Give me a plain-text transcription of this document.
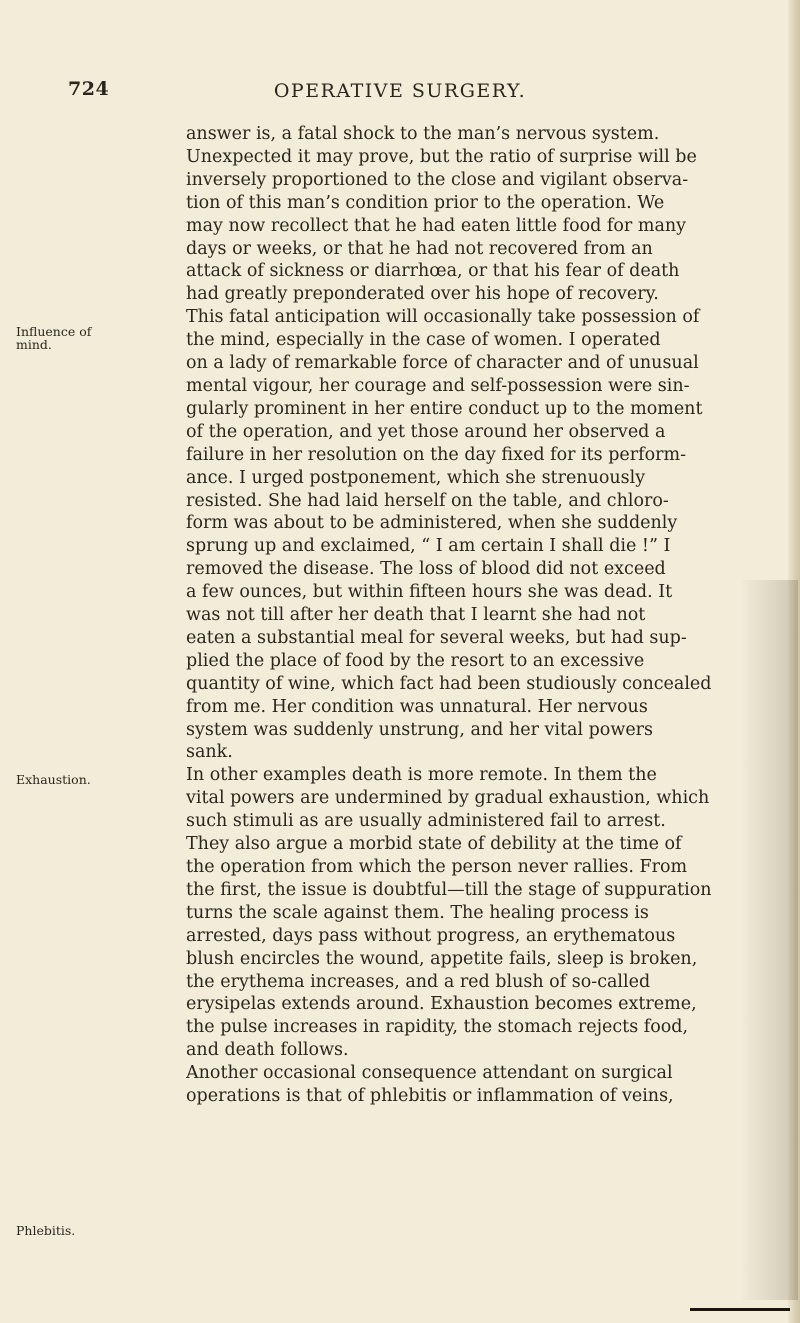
724	OPERATIVE SURGERY.
Influence of
mind.
Exhaustion.
Phlebitis.
answer is, a fatal shock to the man’s nervous system.
Unexpected it may prove, but the ratio of surprise will be
inversely proportioned to the close and vigilant observa-
tion of this man’s condition prior to the operation. We
may now recollect that he had eaten little food for many
days or weeks, or that he had not recovered from an
attack of sickness or diarrhœa, or that his fear of death
had greatly preponderated over his hope of recovery.
This fatal anticipation will occasionally take possession of
the mind, especially in the case of women. I operated
on a lady of remarkable force of character and of unusual
mental vigour, her courage and self-possession were sin-
gularly prominent in her entire conduct up to the moment
of the operation, and yet those around her observed a
failure in her resolution on the day fixed for its perform-
ance. I urged postponement, which she strenuously
resisted. She had laid herself on the table, and chloro-
form was about to be administered, when she suddenly
sprung up and exclaimed, “ I am certain I shall die !” I
removed the disease. The loss of blood did not exceed
a few ounces, but within fifteen hours she was dead. It
was not till after her death that I learnt she had not
eaten a substantial meal for several weeks, but had sup-
plied the place of food by the resort to an excessive
quantity of wine, which fact had been studiously concealed
from me. Her condition was unnatural. Her nervous
system was suddenly unstrung, and her vital powers
sank.
In other examples death is more remote. In them the
vital powers are undermined by gradual exhaustion, which
such stimuli as are usually administered fail to arrest.
They also argue a morbid state of debility at the time of
the operation from which the person never rallies. From
the first, the issue is doubtful—till the stage of suppuration
turns the scale against them. The healing process is
arrested, days pass without progress, an erythematous
blush encircles the wound, appetite fails, sleep is broken,
the erythema increases, and a red blush of so-called
erysipelas extends around. Exhaustion becomes extreme,
the pulse increases in rapidity, the stomach rejects food,
and death follows.
Another occasional consequence attendant on surgical
operations is that of phlebitis or inflammation of veins,
